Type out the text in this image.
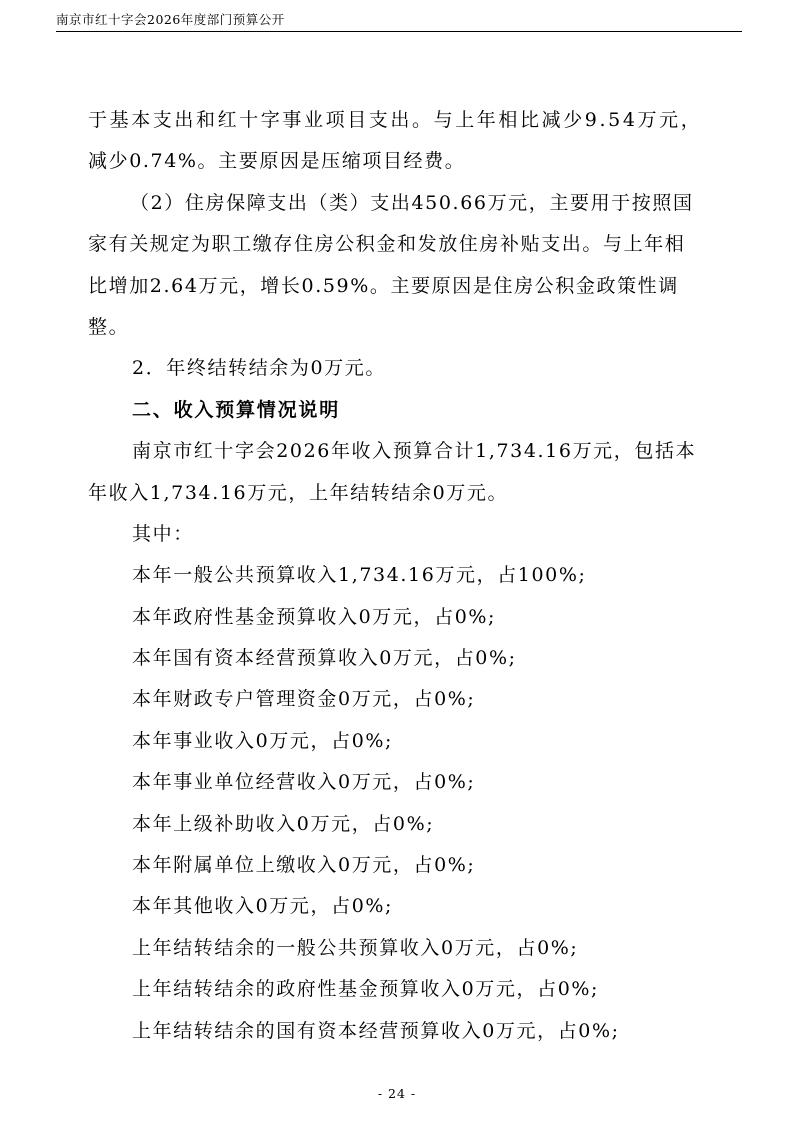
南京市红十字会2026年度部门预算公开
于基本支出和红十字事业项目支出。与上年相比减少9.54万元，
减少0.74%。主要原因是压缩项目经费。
（2）住房保障支出（类）支出450.66万元，主要用于按照国
家有关规定为职工缴存住房公积金和发放住房补贴支出。与上年相
比增加2.64万元，增长0.59%。主要原因是住房公积金政策性调
整。
2．年终结转结余为0万元。
二、收入预算情况说明
南京市红十字会2026年收入预算合计1,734.16万元，包括本
年收入1,734.16万元，上年结转结余0万元。
其中：
本年一般公共预算收入1,734.16万元，占100%;
本年政府性基金预算收入0万元，占0%;
本年国有资本经营预算收入0万元，占0%;
本年财政专户管理资金0万元，占0%;
本年事业收入0万元，占0%;
本年事业单位经营收入0万元，占0%;
本年上级补助收入0万元，占0%;
本年附属单位上缴收入0万元，占0%;
本年其他收入0万元，占0%;
上年结转结余的一般公共预算收入0万元，占0%;
上年结转结余的政府性基金预算收入0万元，占0%;
上年结转结余的国有资本经营预算收入0万元，占0%;
- 24 -
